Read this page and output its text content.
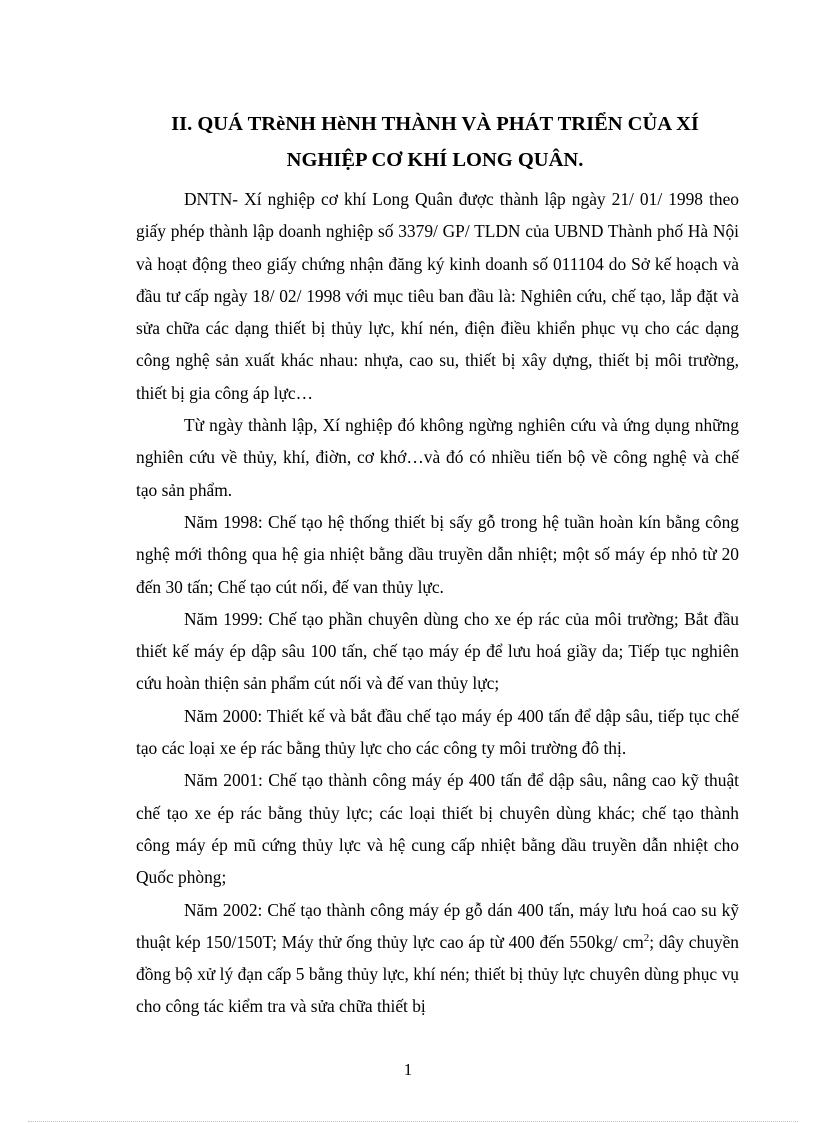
II. QUÁ TRèNH HèNH THÀNH VÀ PHÁT TRIỂN CỦA XÍ
NGHIỆP CƠ KHÍ LONG QUÂN.

DNTN- Xí nghiệp cơ khí Long Quân được thành lập ngày 21/ 01/ 1998 theo giấy phép thành lập doanh nghiệp số 3379/ GP/ TLDN của UBND Thành phố Hà Nội và hoạt động theo giấy chứng nhận đăng ký kinh doanh số 011104 do Sở kế hoạch và đầu tư cấp ngày 18/ 02/ 1998 với mục tiêu ban đầu là: Nghiên cứu, chế tạo, lắp đặt và sửa chữa các dạng thiết bị thủy lực, khí nén, điện điều khiển phục vụ cho các dạng công nghệ sản xuất khác nhau: nhựa, cao su, thiết bị xây dựng, thiết bị môi trường, thiết bị gia công áp lực…

Từ ngày thành lập, Xí nghiệp đó không ngừng nghiên cứu và ứng dụng những nghiên cứu về thủy, khí, điờn, cơ khớ…và đó có nhiều tiến bộ về công nghệ và chế tạo sản phẩm.

Năm 1998: Chế tạo hệ thống thiết bị sấy gỗ trong hệ tuần hoàn kín bằng công nghệ mới thông qua hệ gia nhiệt bằng dầu truyền dẫn nhiệt; một số máy ép nhỏ từ 20 đến 30 tấn; Chế tạo cút nối, đế van thủy lực.

Năm 1999: Chế tạo phần chuyên dùng cho xe ép rác của môi trường; Bắt đầu thiết kế máy ép dập sâu 100 tấn, chế tạo máy ép để lưu hoá giầy da; Tiếp tục nghiên cứu hoàn thiện sản phẩm cút nối và đế van thủy lực;

Năm 2000: Thiết kế và bắt đầu chế tạo máy ép 400 tấn để dập sâu, tiếp tục chế tạo các loại xe ép rác bằng thủy lực cho các công ty môi trường đô thị.

Năm 2001: Chế tạo thành công máy ép 400 tấn để dập sâu, nâng cao kỹ thuật chế tạo xe ép rác bằng thủy lực; các loại thiết bị chuyên dùng khác; chế tạo thành công máy ép mũ cứng thủy lực và hệ cung cấp nhiệt bằng dầu truyền dẫn nhiệt cho Quốc phòng;

Năm 2002: Chế tạo thành công máy ép gỗ dán 400 tấn, máy lưu hoá cao su kỹ thuật kép 150/150T; Máy thử ống thủy lực cao áp từ 400 đến 550kg/ $cm^2$; dây chuyền đồng bộ xử lý đạn cấp 5 bằng thủy lực, khí nén; thiết bị thủy lực chuyên dùng phục vụ cho công tác kiểm tra và sửa chữa thiết bị

1
